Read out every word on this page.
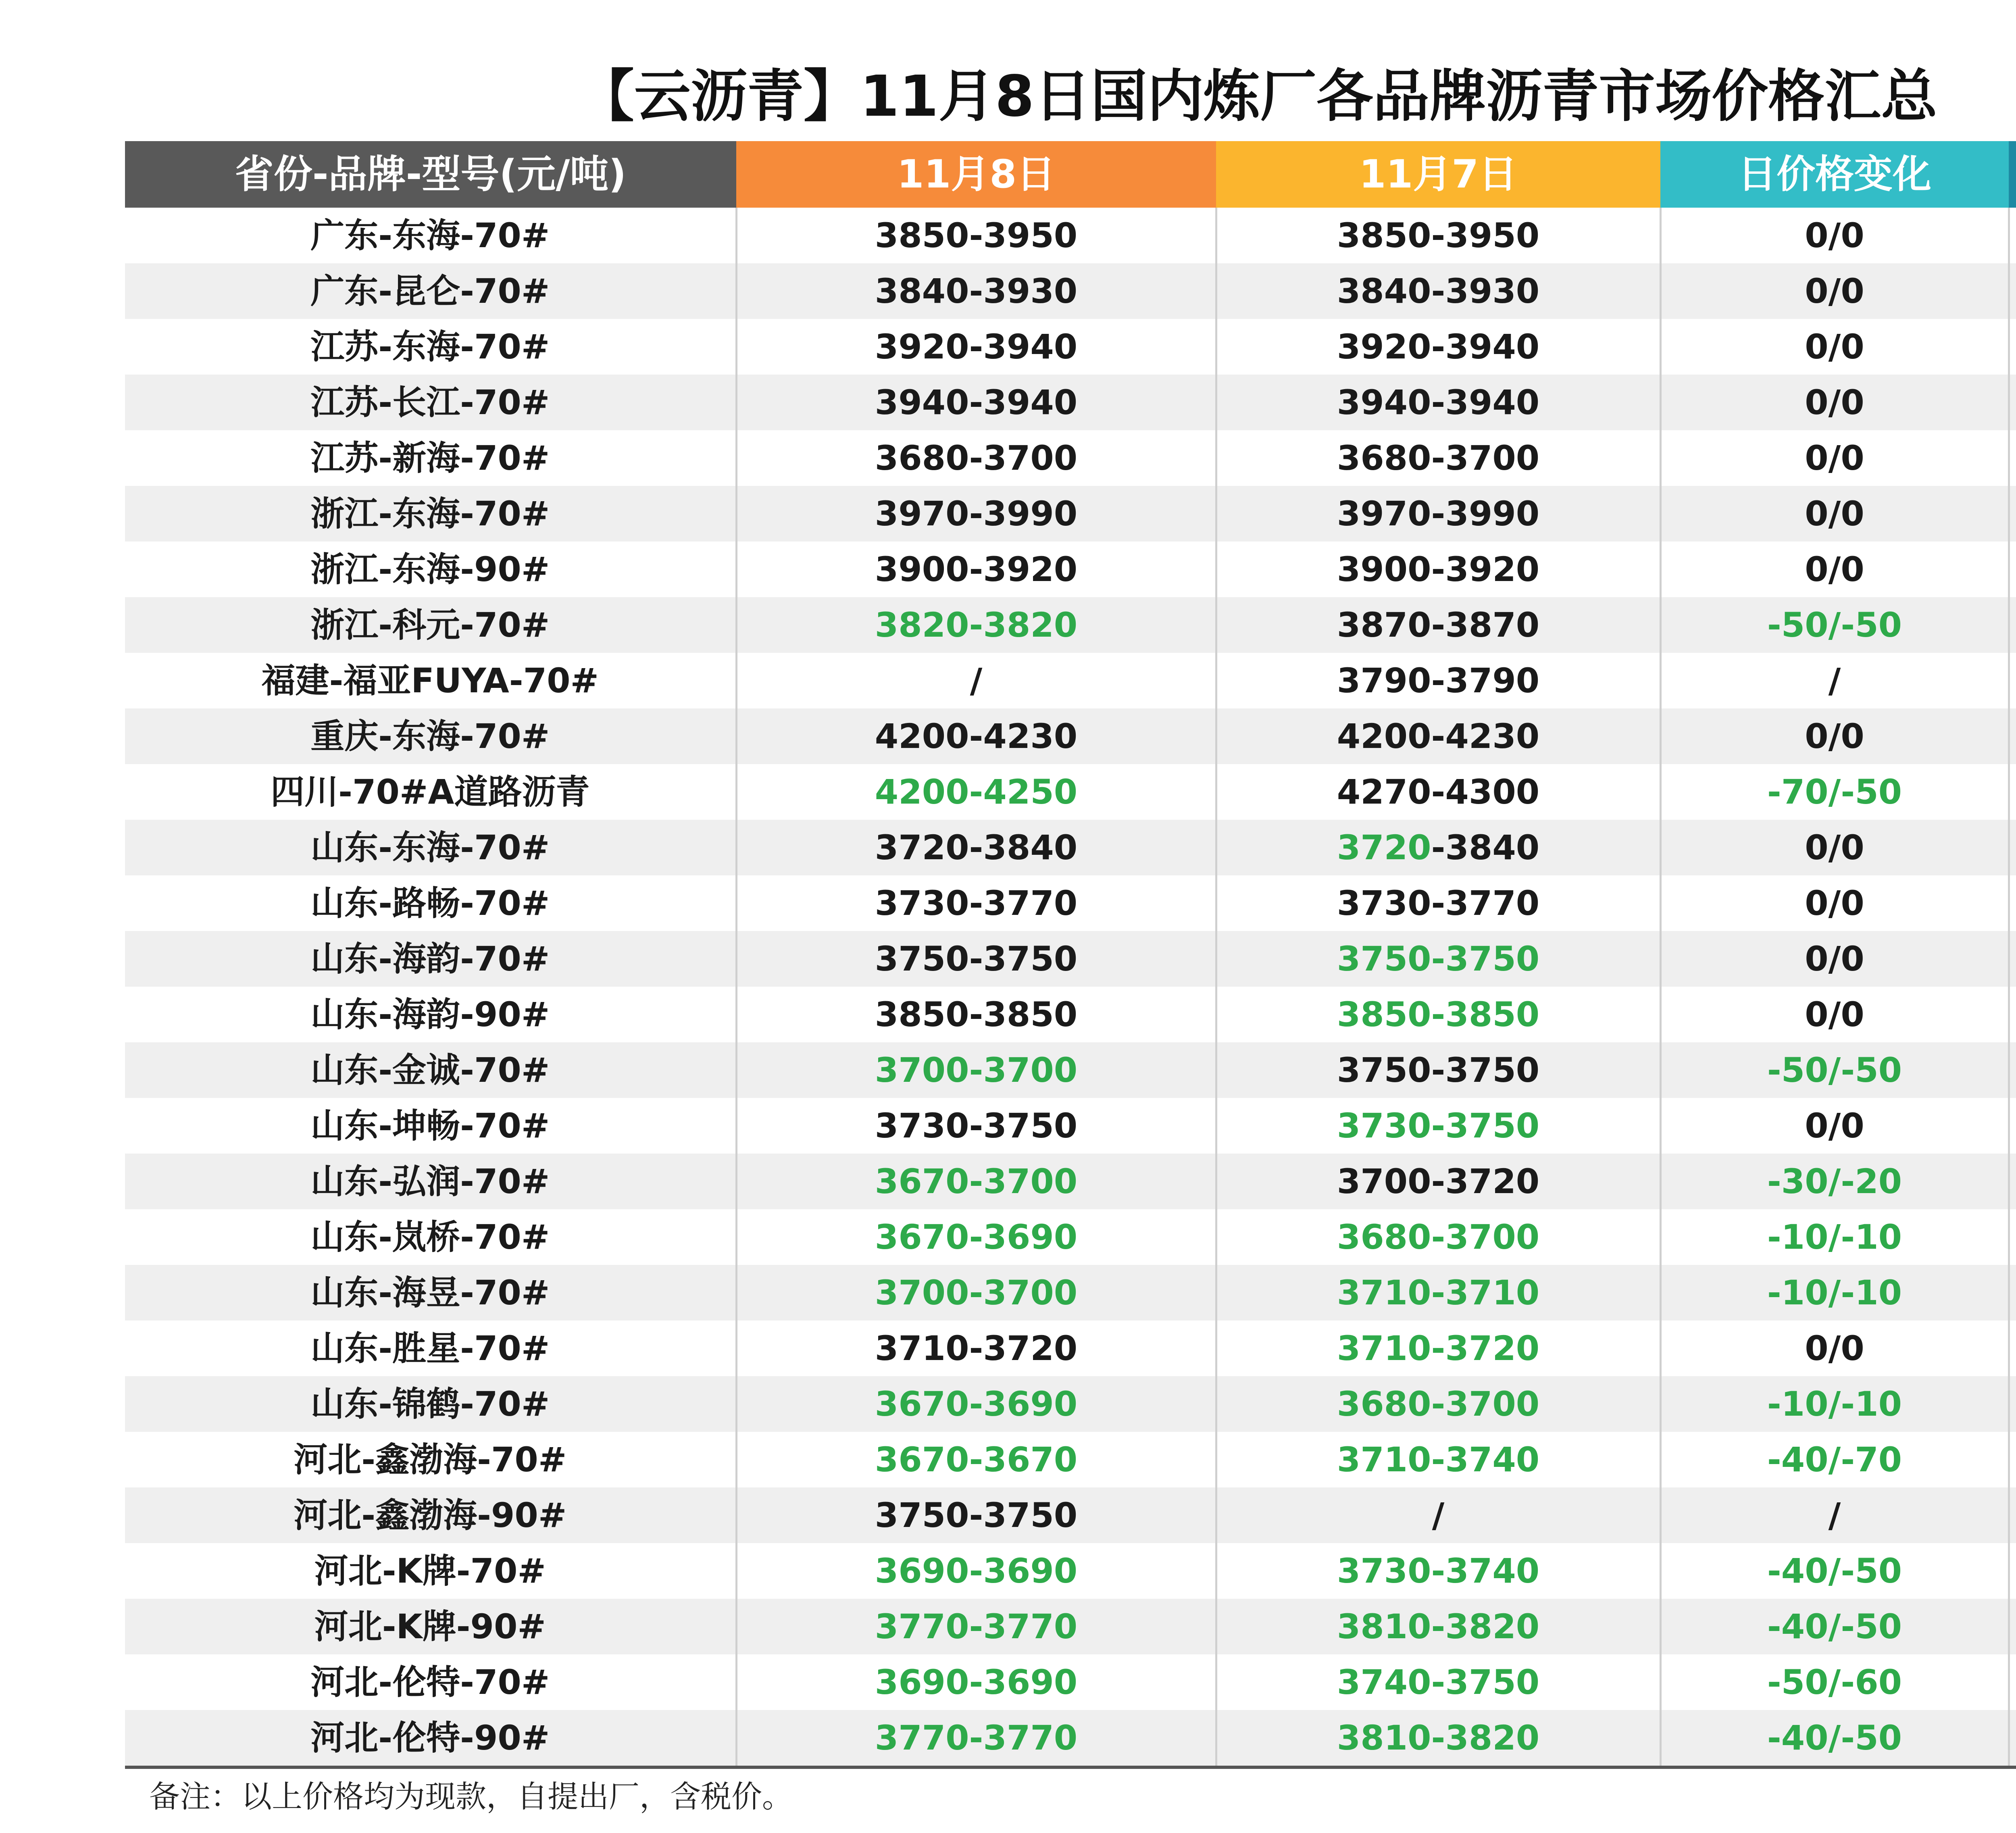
【云沥青】11月8日国内炼厂各品牌沥青市场价格汇总
省份-品牌-型号(元/吨)	11月8日	11月7日	日价格变化	
广东-东海-70#	3850-3950	3850-3950	0/0	
广东-昆仑-70#	3840-3930	3840-3930	0/0	
江苏-东海-70#	3920-3940	3920-3940	0/0	
江苏-长江-70#	3940-3940	3940-3940	0/0	
江苏-新海-70#	3680-3700	3680-3700	0/0	
浙江-东海-70#	3970-3990	3970-3990	0/0	
浙江-东海-90#	3900-3920	3900-3920	0/0	
浙江-科元-70#	3820-3820	3870-3870	-50/-50	
福建-福亚FUYA-70#	/	3790-3790	/	
重庆-东海-70#	4200-4230	4200-4230	0/0	
四川-70#A道路沥青	4200-4250	4270-4300	-70/-50	
山东-东海-70#	3720-3840	3720-3840	0/0	
山东-路畅-70#	3730-3770	3730-3770	0/0	
山东-海韵-70#	3750-3750	3750-3750	0/0	
山东-海韵-90#	3850-3850	3850-3850	0/0	
山东-金诚-70#	3700-3700	3750-3750	-50/-50	
山东-坤畅-70#	3730-3750	3730-3750	0/0	
山东-弘润-70#	3670-3700	3700-3720	-30/-20	
山东-岚桥-70#	3670-3690	3680-3700	-10/-10	
山东-海昱-70#	3700-3700	3710-3710	-10/-10	
山东-胜星-70#	3710-3720	3710-3720	0/0	
山东-锦鹤-70#	3670-3690	3680-3700	-10/-10	
河北-鑫渤海-70#	3670-3670	3710-3740	-40/-70	
河北-鑫渤海-90#	3750-3750	/	/	
河北-K牌-70#	3690-3690	3730-3740	-40/-50	
河北-K牌-90#	3770-3770	3810-3820	-40/-50	
河北-伦特-70#	3690-3690	3740-3750	-50/-60	
河北-伦特-90#	3770-3770	3810-3820	-40/-50	
备注：以上价格均为现款，自提出厂，含税价。
